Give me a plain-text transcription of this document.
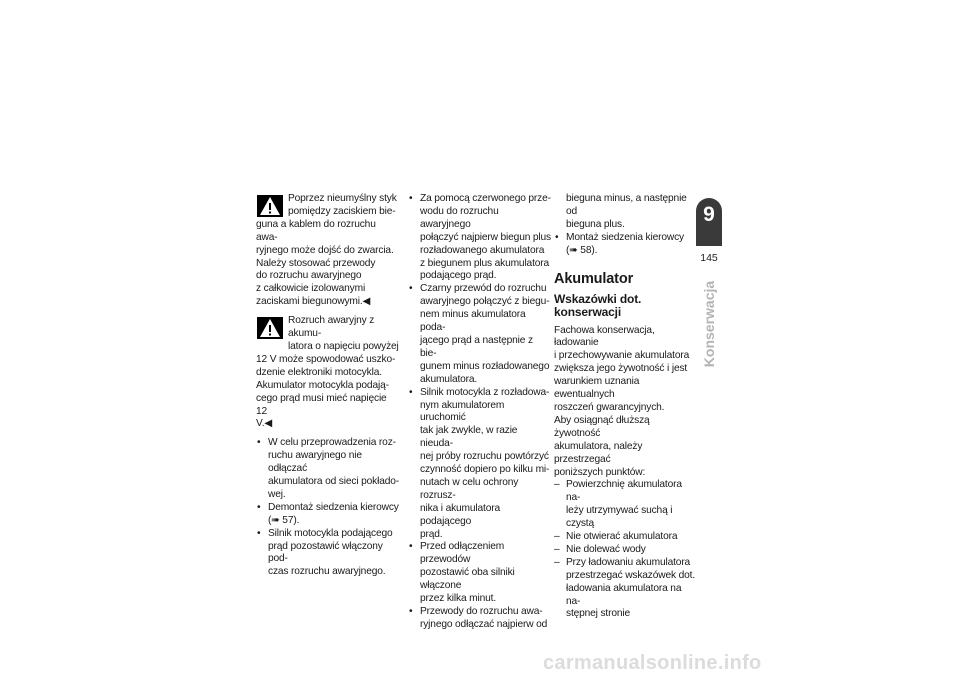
Poprzez nieumyślny styk
pomiędzy zaciskiem bie-
guna a kablem do rozruchu awa-
ryjnego może dojść do zwarcia.
Należy stosować przewody
do rozruchu awaryjnego
z całkowicie izolowanymi
zaciskami biegunowymi.◀
Rozruch awaryjny z akumu-
latora o napięciu powyżej
12 V może spowodować uszko-
dzenie elektroniki motocykla.
Akumulator motocykla podają-
cego prąd musi mieć napięcie 12
V.◀
• W celu przeprowadzenia roz-
ruchu awaryjnego nie odłączać
akumulatora od sieci pokłado-
wej.
• Demontaż siedzenia kierowcy
(➠ 57).
• Silnik motocykla podającego
prąd pozostawić włączony pod-
czas rozruchu awaryjnego.
• Za pomocą czerwonego prze-
wodu do rozruchu awaryjnego
połączyć najpierw biegun plus
rozładowanego akumulatora
z biegunem plus akumulatora
podającego prąd.
• Czarny przewód do rozruchu
awaryjnego połączyć z biegu-
nem minus akumulatora poda-
jącego prąd a następnie z bie-
gunem minus rozładowanego
akumulatora.
• Silnik motocykla z rozładowa-
nym akumulatorem uruchomić
tak jak zwykle, w razie nieuda-
nej próby rozruchu powtórzyć
czynność dopiero po kilku mi-
nutach w celu ochrony rozrusz-
nika i akumulatora podającego
prąd.
• Przed odłączeniem przewodów
pozostawić oba silniki włączone
przez kilka minut.
• Przewody do rozruchu awa-
ryjnego odłączać najpierw od
bieguna minus, a następnie od
bieguna plus.
• Montaż siedzenia kierowcy
(➠ 58).
Akumulator
Wskazówki dot.
konserwacji
Fachowa konserwacja, ładowanie
i przechowywanie akumulatora
zwiększa jego żywotność i jest
warunkiem uznania ewentualnych
roszczeń gwarancyjnych.
Aby osiągnąć dłuższą żywotność
akumulatora, należy przestrzegać
poniższych punktów:
– Powierzchnię akumulatora na-
leży utrzymywać suchą i czystą
– Nie otwierać akumulatora
– Nie dolewać wody
– Przy ładowaniu akumulatora
przestrzegać wskazówek dot.
ładowania akumulatora na na-
stępnej stronie
9
145
Konserwacja
carmanualsonline.info
